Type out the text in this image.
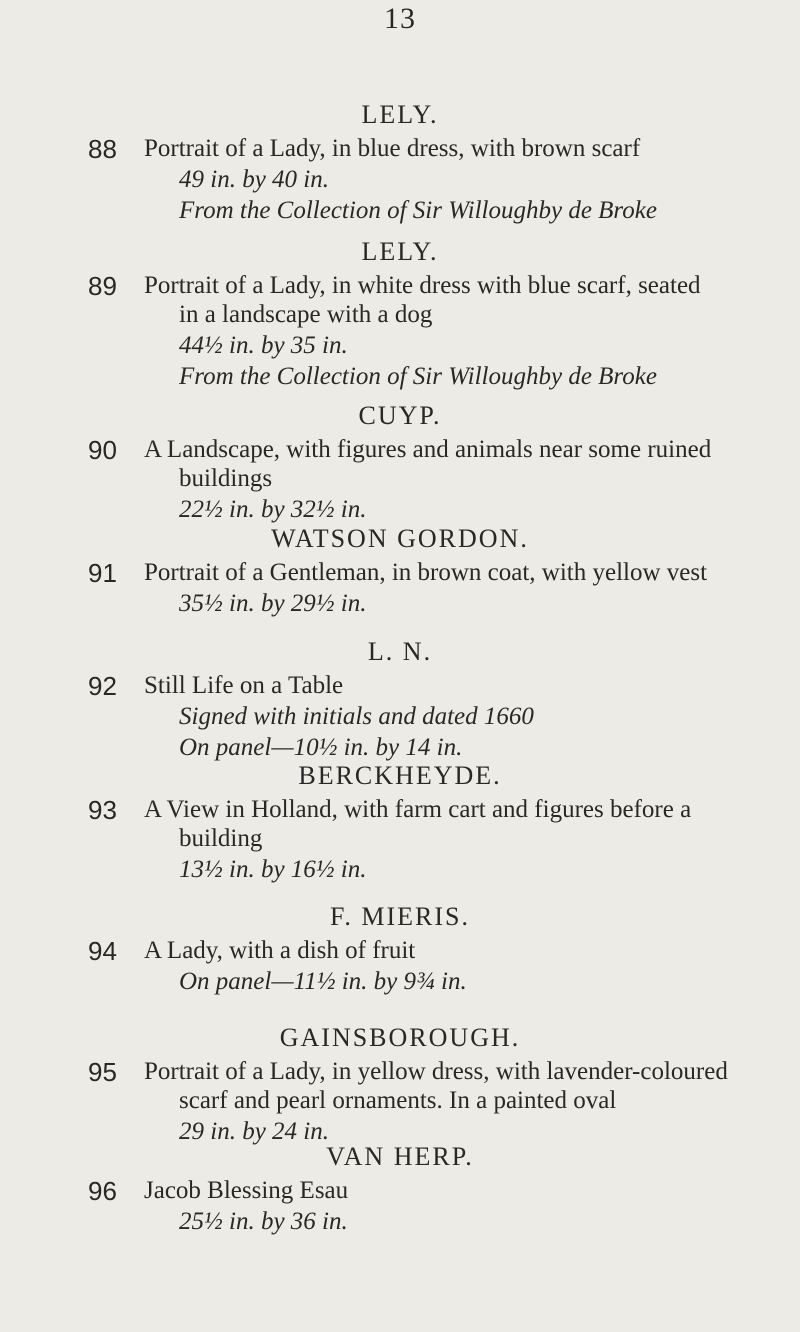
13
LELY.
88 Portrait of a Lady, in blue dress, with brown scarf
49 in. by 40 in.
From the Collection of Sir Willoughby de Broke
LELY.
89 Portrait of a Lady, in white dress with blue scarf, seated
in a landscape with a dog
44½ in. by 35 in.
From the Collection of Sir Willoughby de Broke
CUYP.
90 A Landscape, with figures and animals near some ruined
buildings
22½ in. by 32½ in.
WATSON GORDON.
91 Portrait of a Gentleman, in brown coat, with yellow vest
35½ in. by 29½ in.
L. N.
92 Still Life on a Table
Signed with initials and dated 1660
On panel—10½ in. by 14 in.
BERCKHEYDE.
93 A View in Holland, with farm cart and figures before a
building
13½ in. by 16½ in.
F. MIERIS.
94 A Lady, with a dish of fruit
On panel—11½ in. by 9¾ in.
GAINSBOROUGH.
95 Portrait of a Lady, in yellow dress, with lavender-coloured
scarf and pearl ornaments. In a painted oval
29 in. by 24 in.
VAN HERP.
96 Jacob Blessing Esau
25½ in. by 36 in.
